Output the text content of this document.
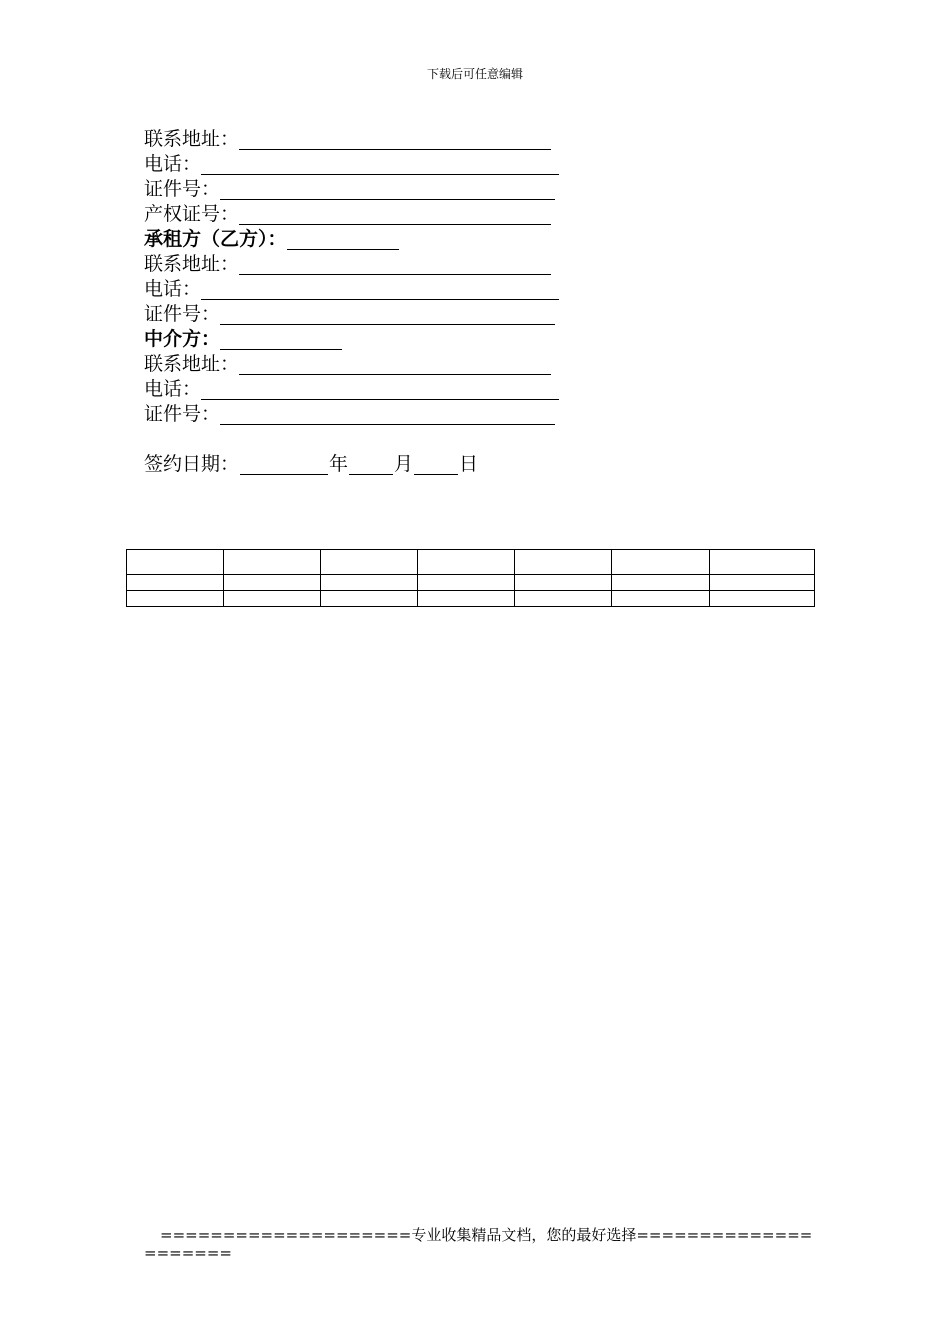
下载后可任意编辑
联系地址：
电话：
证件号：
产权证号：
承租方（乙方）：
联系地址：
电话：
证件号：
中介方：
联系地址：
电话：
证件号：
签约日期：	年 月 日

====================专业收集精品文档，您的最好选择=====================
